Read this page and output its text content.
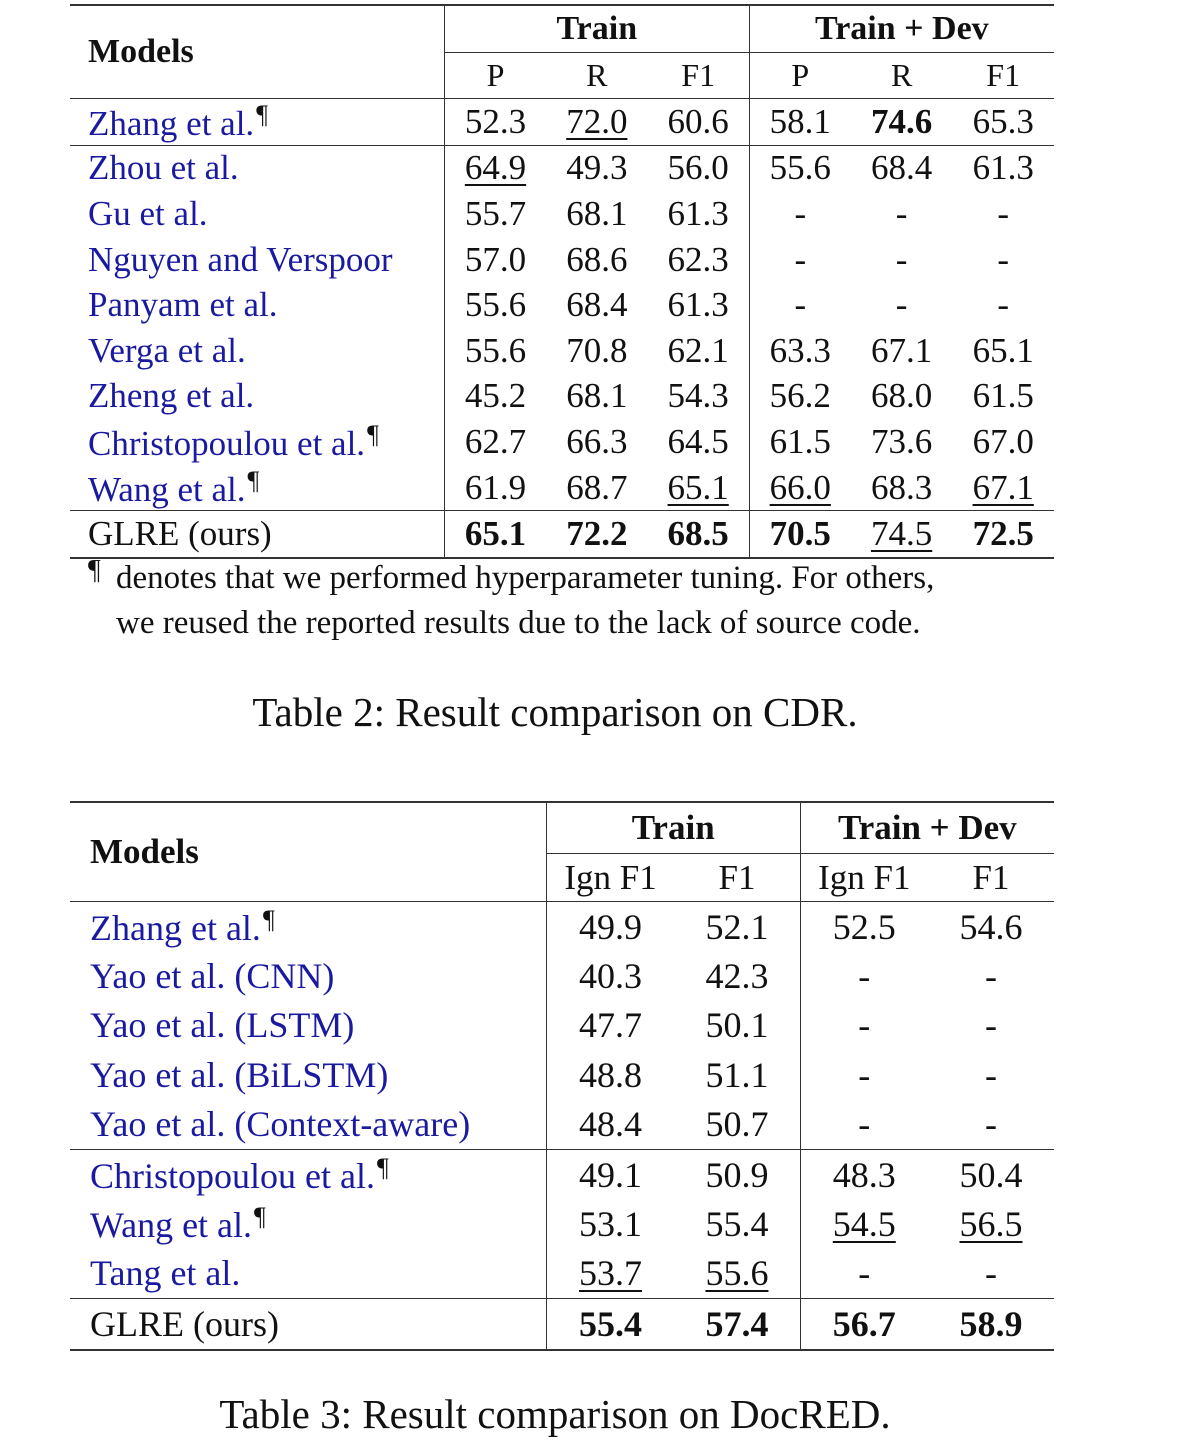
Models	Train			Train + Dev		
	P	R	F1	P	R	F1
Zhang et al.¶	52.3	72.0	60.6	58.1	74.6	65.3
Zhou et al.	64.9	49.3	56.0	55.6	68.4	61.3
Gu et al.	55.7	68.1	61.3	-	-	-
Nguyen and Verspoor	57.0	68.6	62.3	-	-	-
Panyam et al.	55.6	68.4	61.3	-	-	-
Verga et al.	55.6	70.8	62.1	63.3	67.1	65.1
Zheng et al.	45.2	68.1	54.3	56.2	68.0	61.5
Christopoulou et al.¶	62.7	66.3	64.5	61.5	73.6	67.0
Wang et al.¶	61.9	68.7	65.1	66.0	68.3	67.1
GLRE (ours)	65.1	72.2	68.5	70.5	74.5	72.5
¶ denotes that we performed hyperparameter tuning. For others,
we reused the reported results due to the lack of source code.
Table 2: Result comparison on CDR.
Models	Train		Train + Dev	
	Ign F1	F1	Ign F1	F1
Zhang et al.¶	49.9	52.1	52.5	54.6
Yao et al. (CNN)	40.3	42.3	-	-
Yao et al. (LSTM)	47.7	50.1	-	-
Yao et al. (BiLSTM)	48.8	51.1	-	-
Yao et al. (Context-aware)	48.4	50.7	-	-
Christopoulou et al.¶	49.1	50.9	48.3	50.4
Wang et al.¶	53.1	55.4	54.5	56.5
Tang et al.	53.7	55.6	-	-
GLRE (ours)	55.4	57.4	56.7	58.9
Table 3: Result comparison on DocRED.
